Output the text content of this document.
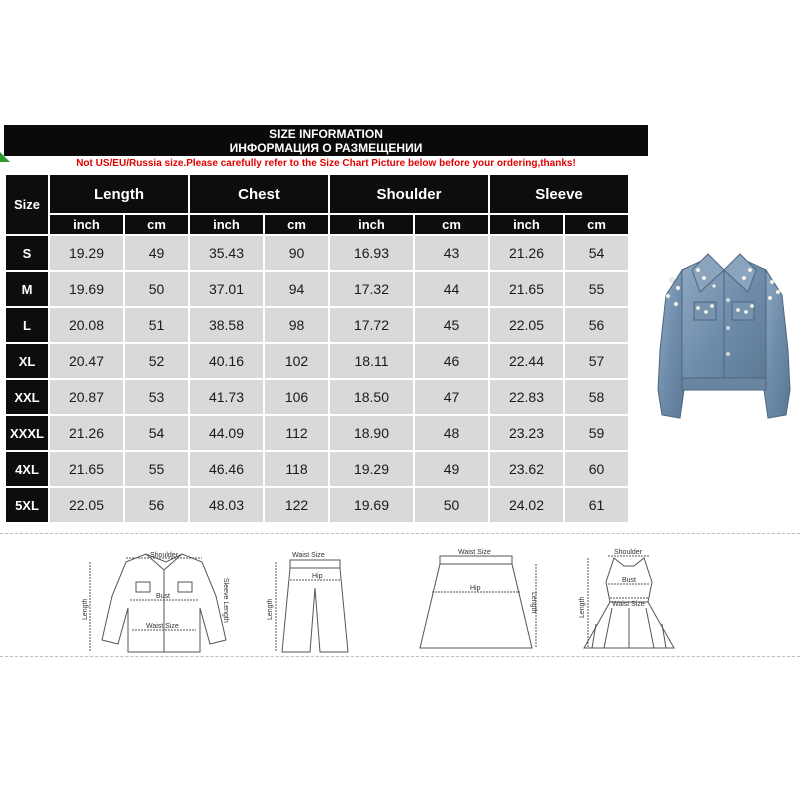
SIZE INFORMATION
ИНФОРМАЦИЯ О РАЗМЕЩЕНИИ
Not US/EU/Russia size.Please carefully refer to the Size Chart Picture below before your ordering,thanks!
Size	Length		Chest		Shoulder		Sleeve	
	inch	cm	inch	cm	inch	cm	inch	cm
S	19.29	49	35.43	90	16.93	43	21.26	54
M	19.69	50	37.01	94	17.32	44	21.65	55
L	20.08	51	38.58	98	17.72	45	22.05	56
XL	20.47	52	40.16	102	18.11	46	22.44	57
XXL	20.87	53	41.73	106	18.50	47	22.83	58
XXXL	21.26	54	44.09	112	18.90	48	23.23	59
4XL	21.65	55	46.46	118	19.29	49	23.62	60
5XL	22.05	56	48.03	122	19.69	50	24.02	61
Shoulder
Bust
Waist Size
Length	Sleeve Length
Waist Size
Hip
Length
Waist Size
Hip
Length
Shoulder
Bust
Waist Size
Length
